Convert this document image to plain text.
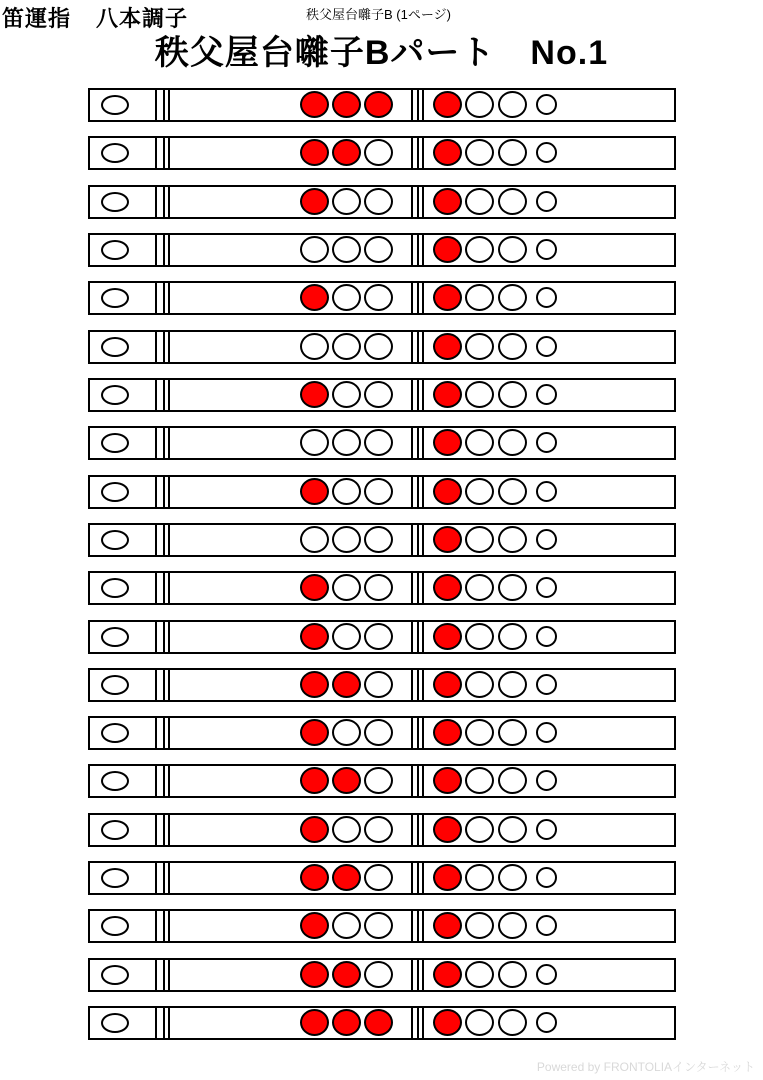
笛運指 八本調子	秩父屋台囃子B (1ページ)
秩父屋台囃子Bパート　No.1
Powered by FRONTOLIAインターネット
